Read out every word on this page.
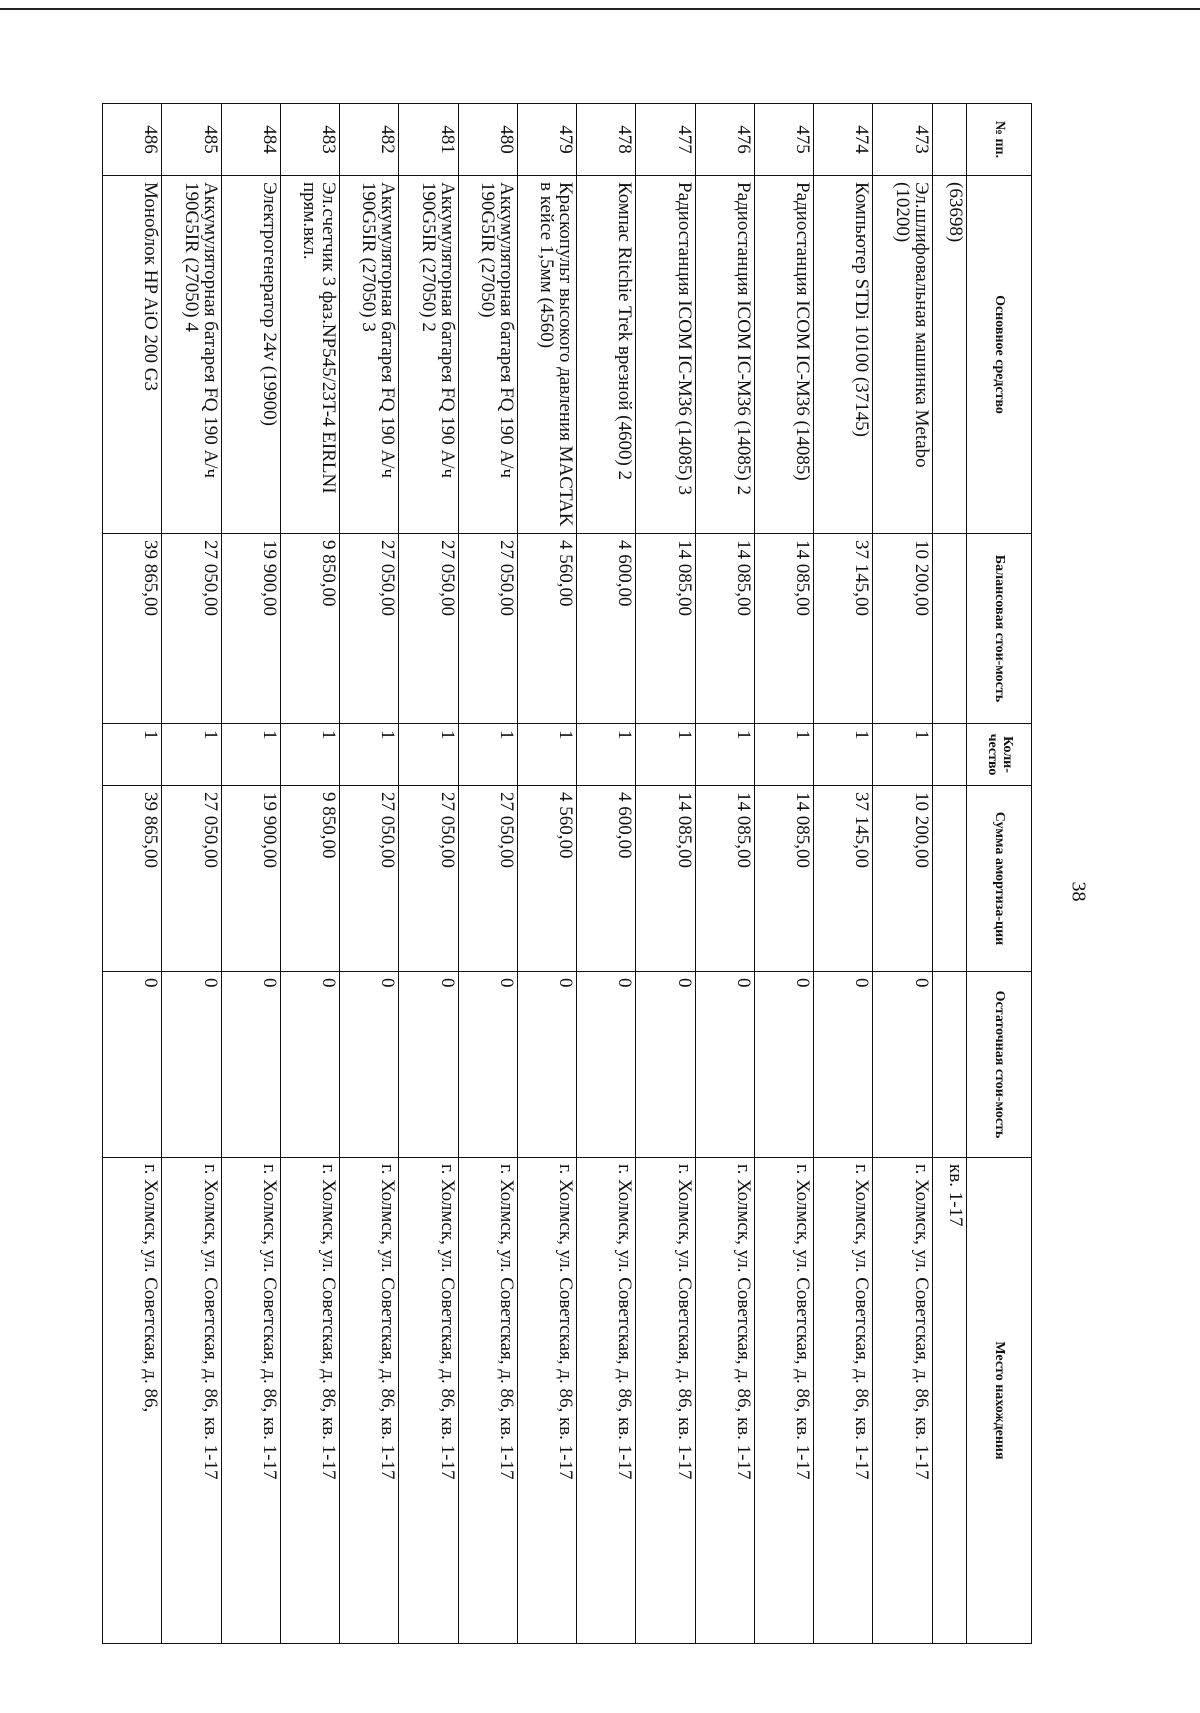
38
№ пп.	Основное средство	Балансовая стои-мость	Коли-чество	Сумма амортиза-ции	Остаточная стои-мость	Место нахождения
	(63698)					кв. 1-17
473	Эл.шлифовальная машинка Metabo (10200)	10 200,00	1	10 200,00	0	г. Холмск, ул. Советская, д. 86, кв. 1-17
474	Компьютер STDi 10100 (37145)	37 145,00	1	37 145,00	0	г. Холмск, ул. Советская, д. 86, кв. 1-17
475	Радиостанция ICOM IC-M36 (14085)	14 085,00	1	14 085,00	0	г. Холмск, ул. Советская, д. 86, кв. 1-17
476	Радиостанция ICOM IC-M36 (14085) 2	14 085,00	1	14 085,00	0	г. Холмск, ул. Советская, д. 86, кв. 1-17
477	Радиостанция ICOM IC-M36 (14085) 3	14 085,00	1	14 085,00	0	г. Холмск, ул. Советская, д. 86, кв. 1-17
478	Компас Ritchie Trek врезной (4600) 2	4 600,00	1	4 600,00	0	г. Холмск, ул. Советская, д. 86, кв. 1-17
479	Краскопульт высокого давления MACTAK в кейсе 1,5мм (4560)	4 560,00	1	4 560,00	0	г. Холмск, ул. Советская, д. 86, кв. 1-17
480	Аккумуляторная батарея FQ 190 А/ч 190G5IR (27050)	27 050,00	1	27 050,00	0	г. Холмск, ул. Советская, д. 86, кв. 1-17
481	Аккумуляторная батарея FQ 190 А/ч 190G5IR (27050) 2	27 050,00	1	27 050,00	0	г. Холмск, ул. Советская, д. 86, кв. 1-17
482	Аккумуляторная батарея FQ 190 А/ч 190G5IR (27050) 3	27 050,00	1	27 050,00	0	г. Холмск, ул. Советская, д. 86, кв. 1-17
483	Эл.счетчик 3 фаз.NP545/23T-4 EIRLNI прям.вкл.	9 850,00	1	9 850,00	0	г. Холмск, ул. Советская, д. 86, кв. 1-17
484	Электрогенератор 24v (19900)	19 900,00	1	19 900,00	0	г. Холмск, ул. Советская, д. 86, кв. 1-17
485	Аккумуляторная батарея FQ 190 А/ч 190G5IR (27050) 4	27 050,00	1	27 050,00	0	г. Холмск, ул. Советская, д. 86, кв. 1-17
486	Моноблок HP AiO 200 G3	39 865,00	1	39 865,00	0	г. Холмск, ул. Советская, д. 86,
